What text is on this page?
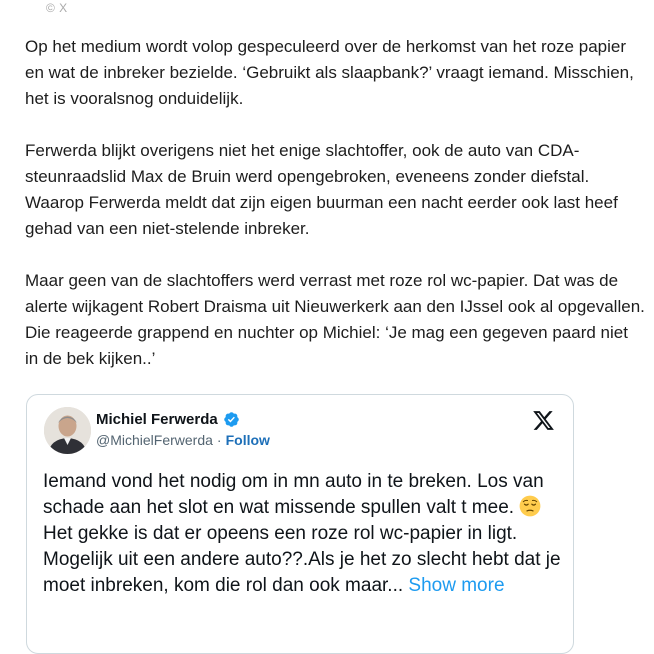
© X

Op het medium wordt volop gespeculeerd over de herkomst van het roze papier en wat de inbreker bezielde. ‘Gebruikt als slaapbank?’ vraagt iemand. Misschien, het is vooralsnog onduidelijk.

Ferwerda blijkt overigens niet het enige slachtoffer, ook de auto van CDA-steunraadslid Max de Bruin werd opengebroken, eveneens zonder diefstal. Waarop Ferwerda meldt dat zijn eigen buurman een nacht eerder ook last heef gehad van een niet-stelende inbreker.

Maar geen van de slachtoffers werd verrast met roze rol wc-papier. Dat was de alerte wijkagent Robert Draisma uit Nieuwerkerk aan den IJssel ook al opgevallen. Die reageerde grappend en nuchter op Michiel: ‘Je mag een gegeven paard niet in de bek kijken..’

Michiel Ferwerda
@MichielFerwerda · Follow
Iemand vond het nodig om in mn auto in te breken. Los van schade aan het slot en wat missende spullen valt t mee.
Het gekke is dat er opeens een roze rol wc-papier in ligt. Mogelijk uit een andere auto??.Als je het zo slecht hebt dat je moet inbreken, kom die rol dan ook maar... Show more
